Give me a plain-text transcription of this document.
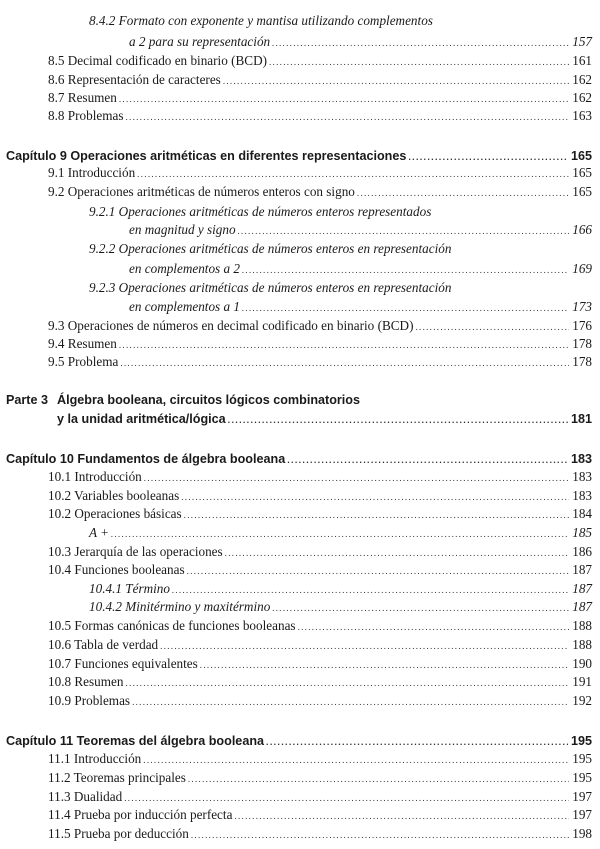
8.4.2 Formato con exponente y mantisa utilizando complementos
a 2 para su representación .....	157
8.5 Decimal codificado en binario (BCD) .....	161
8.6 Representación de caracteres .....	162
8.7 Resumen .....	162
8.8 Problemas .....	163
Capítulo 9 Operaciones aritméticas en diferentes representaciones .....	165
9.1 Introducción .....	165
9.2 Operaciones aritméticas de números enteros con signo .....	165
9.2.1 Operaciones aritméticas de números enteros representados
en magnitud y signo .....	166
9.2.2 Operaciones aritméticas de números enteros en representación
en complementos a 2 .....	169
9.2.3 Operaciones aritméticas de números enteros en representación
en complementos a 1 .....	173
9.3 Operaciones de números en decimal codificado en binario (BCD) .....	176
9.4 Resumen .....	178
9.5 Problema .....	178
Parte 3 Álgebra booleana, circuitos lógicos combinatorios
y la unidad aritmética/lógica .....	181
Capítulo 10 Fundamentos de álgebra booleana .....	183
10.1 Introducción .....	183
10.2 Variables booleanas .....	183
10.2 Operaciones básicas .....	184
A + .....	185
10.3 Jerarquía de las operaciones .....	186
10.4 Funciones booleanas .....	187
10.4.1 Término .....	187
10.4.2 Minitérmino y maxitérmino .....	187
10.5 Formas canónicas de funciones booleanas .....	188
10.6 Tabla de verdad .....	188
10.7 Funciones equivalentes .....	190
10.8 Resumen .....	191
10.9 Problemas .....	192
Capítulo 11 Teoremas del álgebra booleana .....	195
11.1 Introducción .....	195
11.2 Teoremas principales .....	195
11.3 Dualidad .....	197
11.4 Prueba por inducción perfecta .....	197
11.5 Prueba por deducción .....	198
